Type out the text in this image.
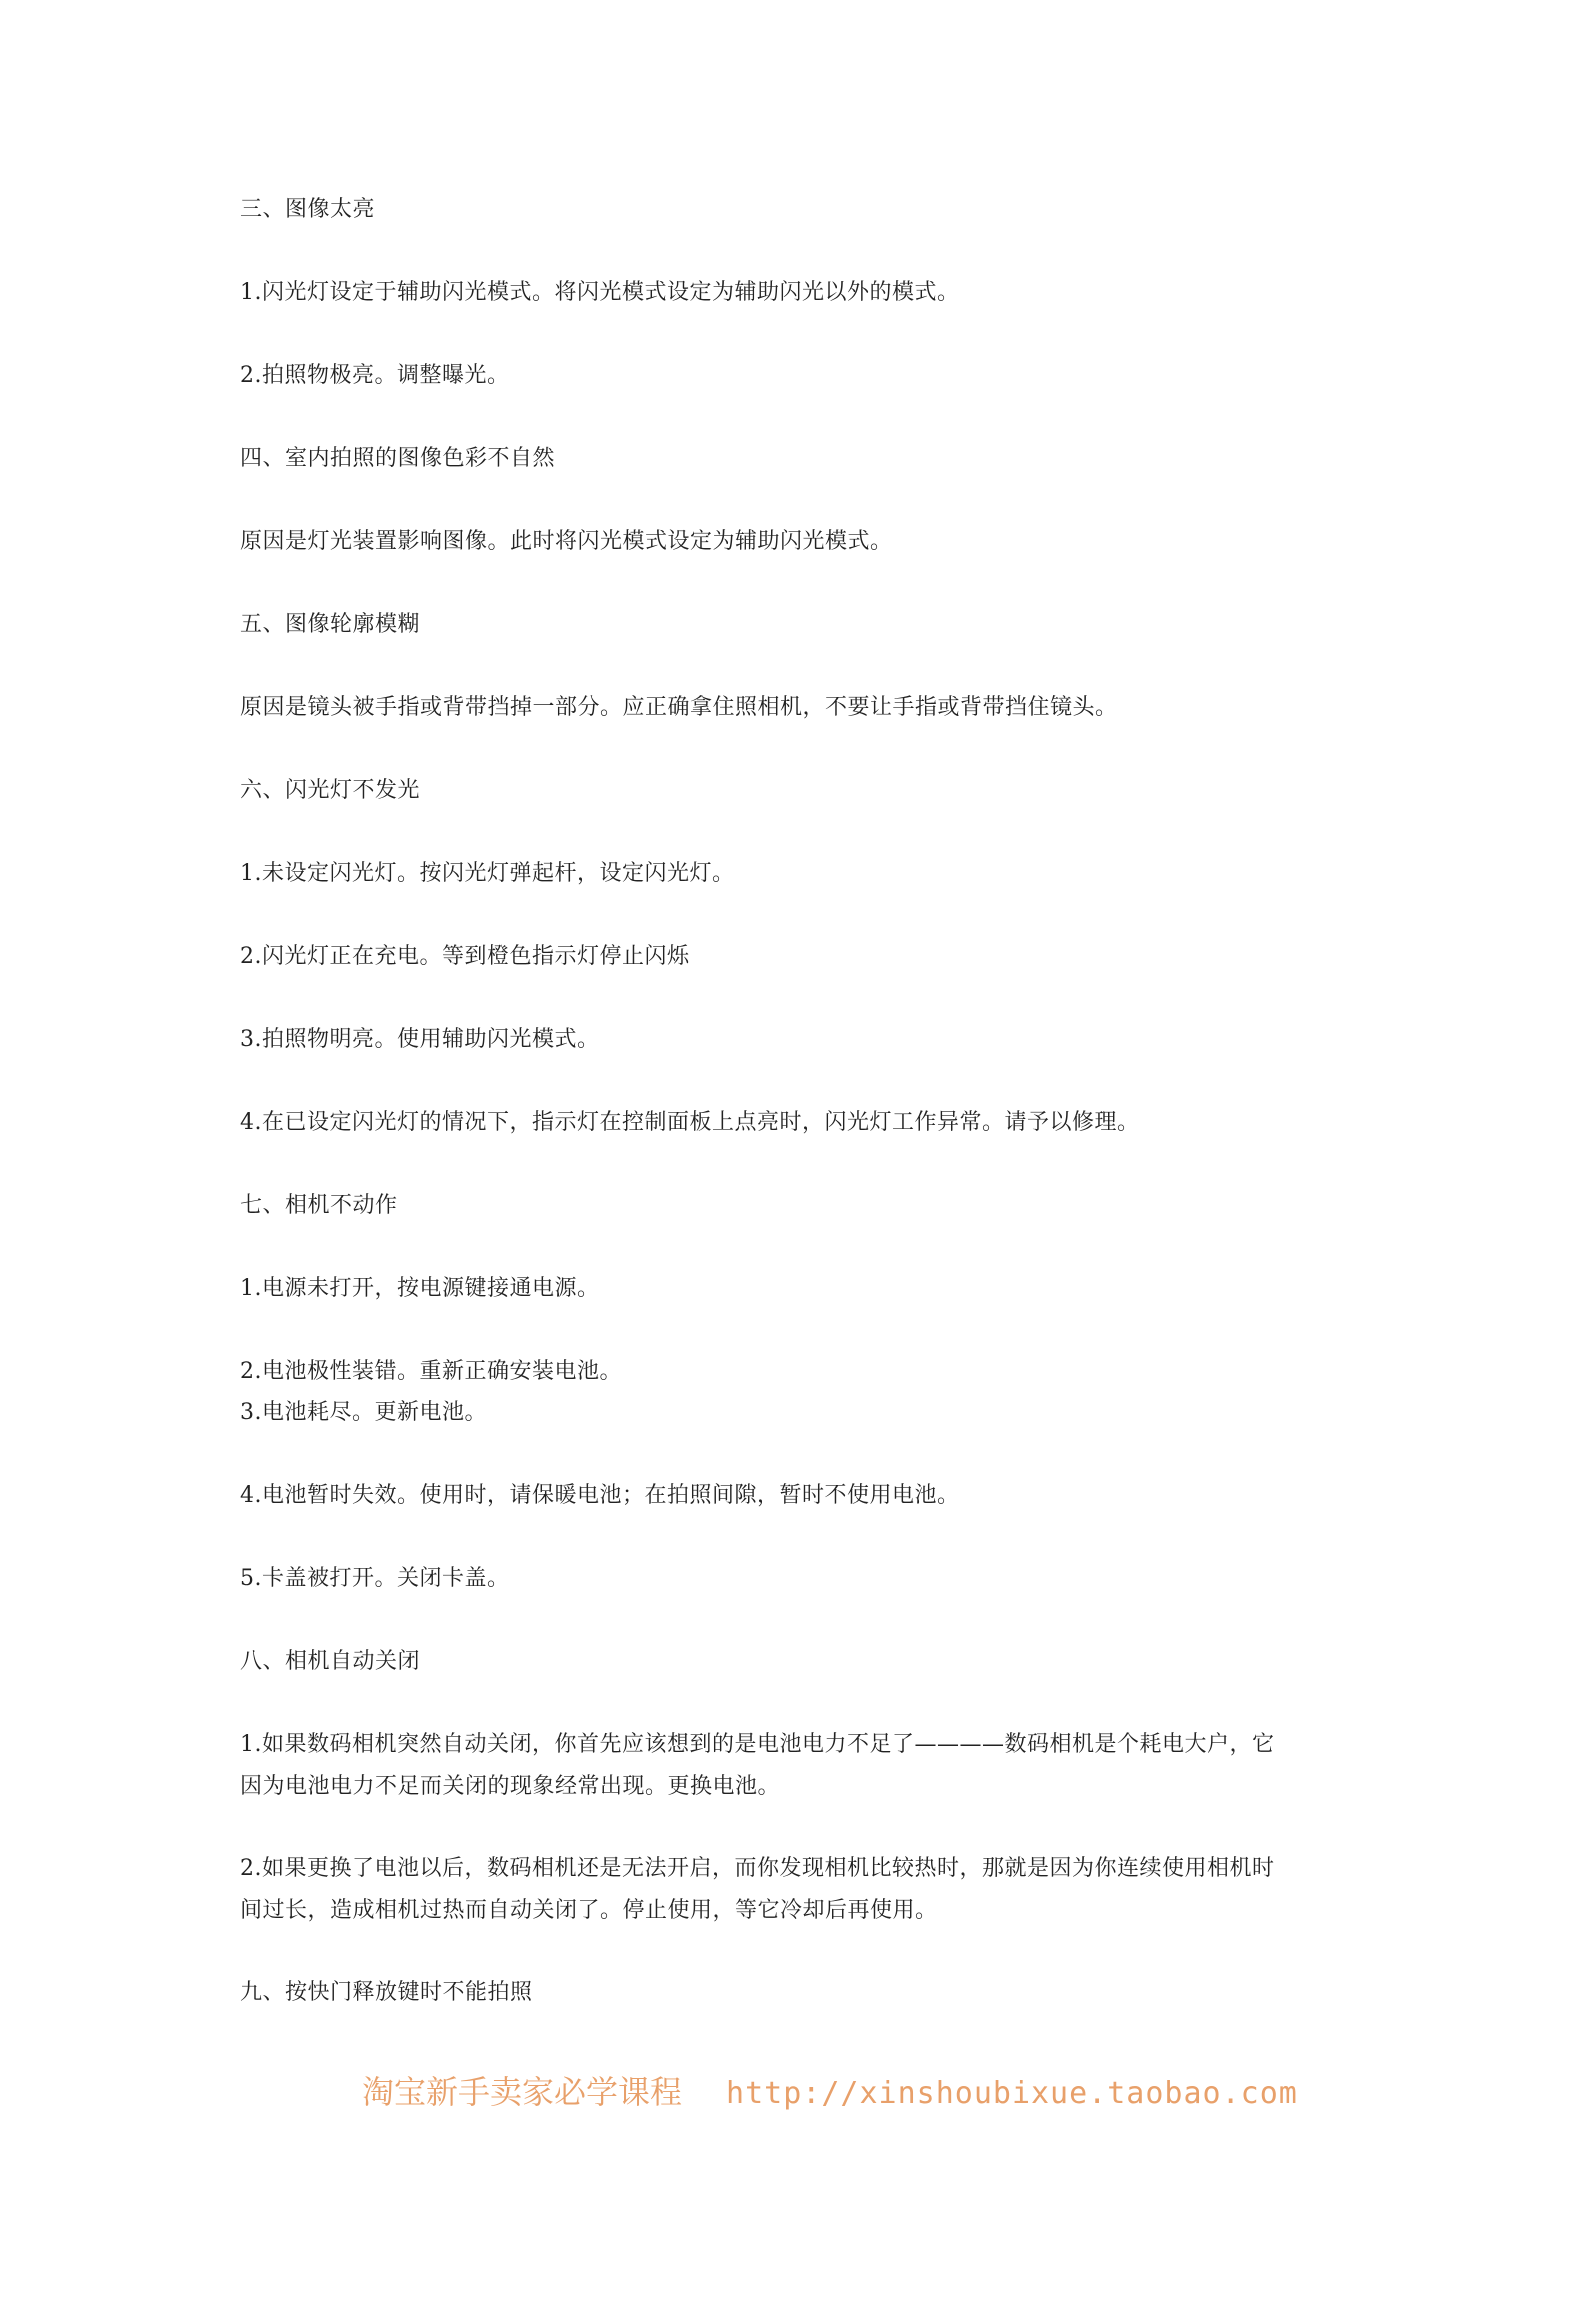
三、图像太亮
1.闪光灯设定于辅助闪光模式。将闪光模式设定为辅助闪光以外的模式。
2.拍照物极亮。调整曝光。
四、室内拍照的图像色彩不自然
原因是灯光装置影响图像。此时将闪光模式设定为辅助闪光模式。
五、图像轮廓模糊
原因是镜头被手指或背带挡掉一部分。应正确拿住照相机，不要让手指或背带挡住镜头。
六、闪光灯不发光
1.未设定闪光灯。按闪光灯弹起杆，设定闪光灯。
2.闪光灯正在充电。等到橙色指示灯停止闪烁
3.拍照物明亮。使用辅助闪光模式。
4.在已设定闪光灯的情况下，指示灯在控制面板上点亮时，闪光灯工作异常。请予以修理。
七、相机不动作
1.电源未打开，按电源键接通电源。
2.电池极性装错。重新正确安装电池。
3.电池耗尽。更新电池。
4.电池暂时失效。使用时，请保暖电池；在拍照间隙，暂时不使用电池。
5.卡盖被打开。关闭卡盖。
八、相机自动关闭
1.如果数码相机突然自动关闭，你首先应该想到的是电池电力不足了————数码相机是个耗电大户，它
因为电池电力不足而关闭的现象经常出现。更换电池。
2.如果更换了电池以后，数码相机还是无法开启，而你发现相机比较热时，那就是因为你连续使用相机时
间过长，造成相机过热而自动关闭了。停止使用，等它冷却后再使用。
九、按快门释放键时不能拍照
淘宝新手卖家必学课程 http://xinshoubixue.taobao.com
